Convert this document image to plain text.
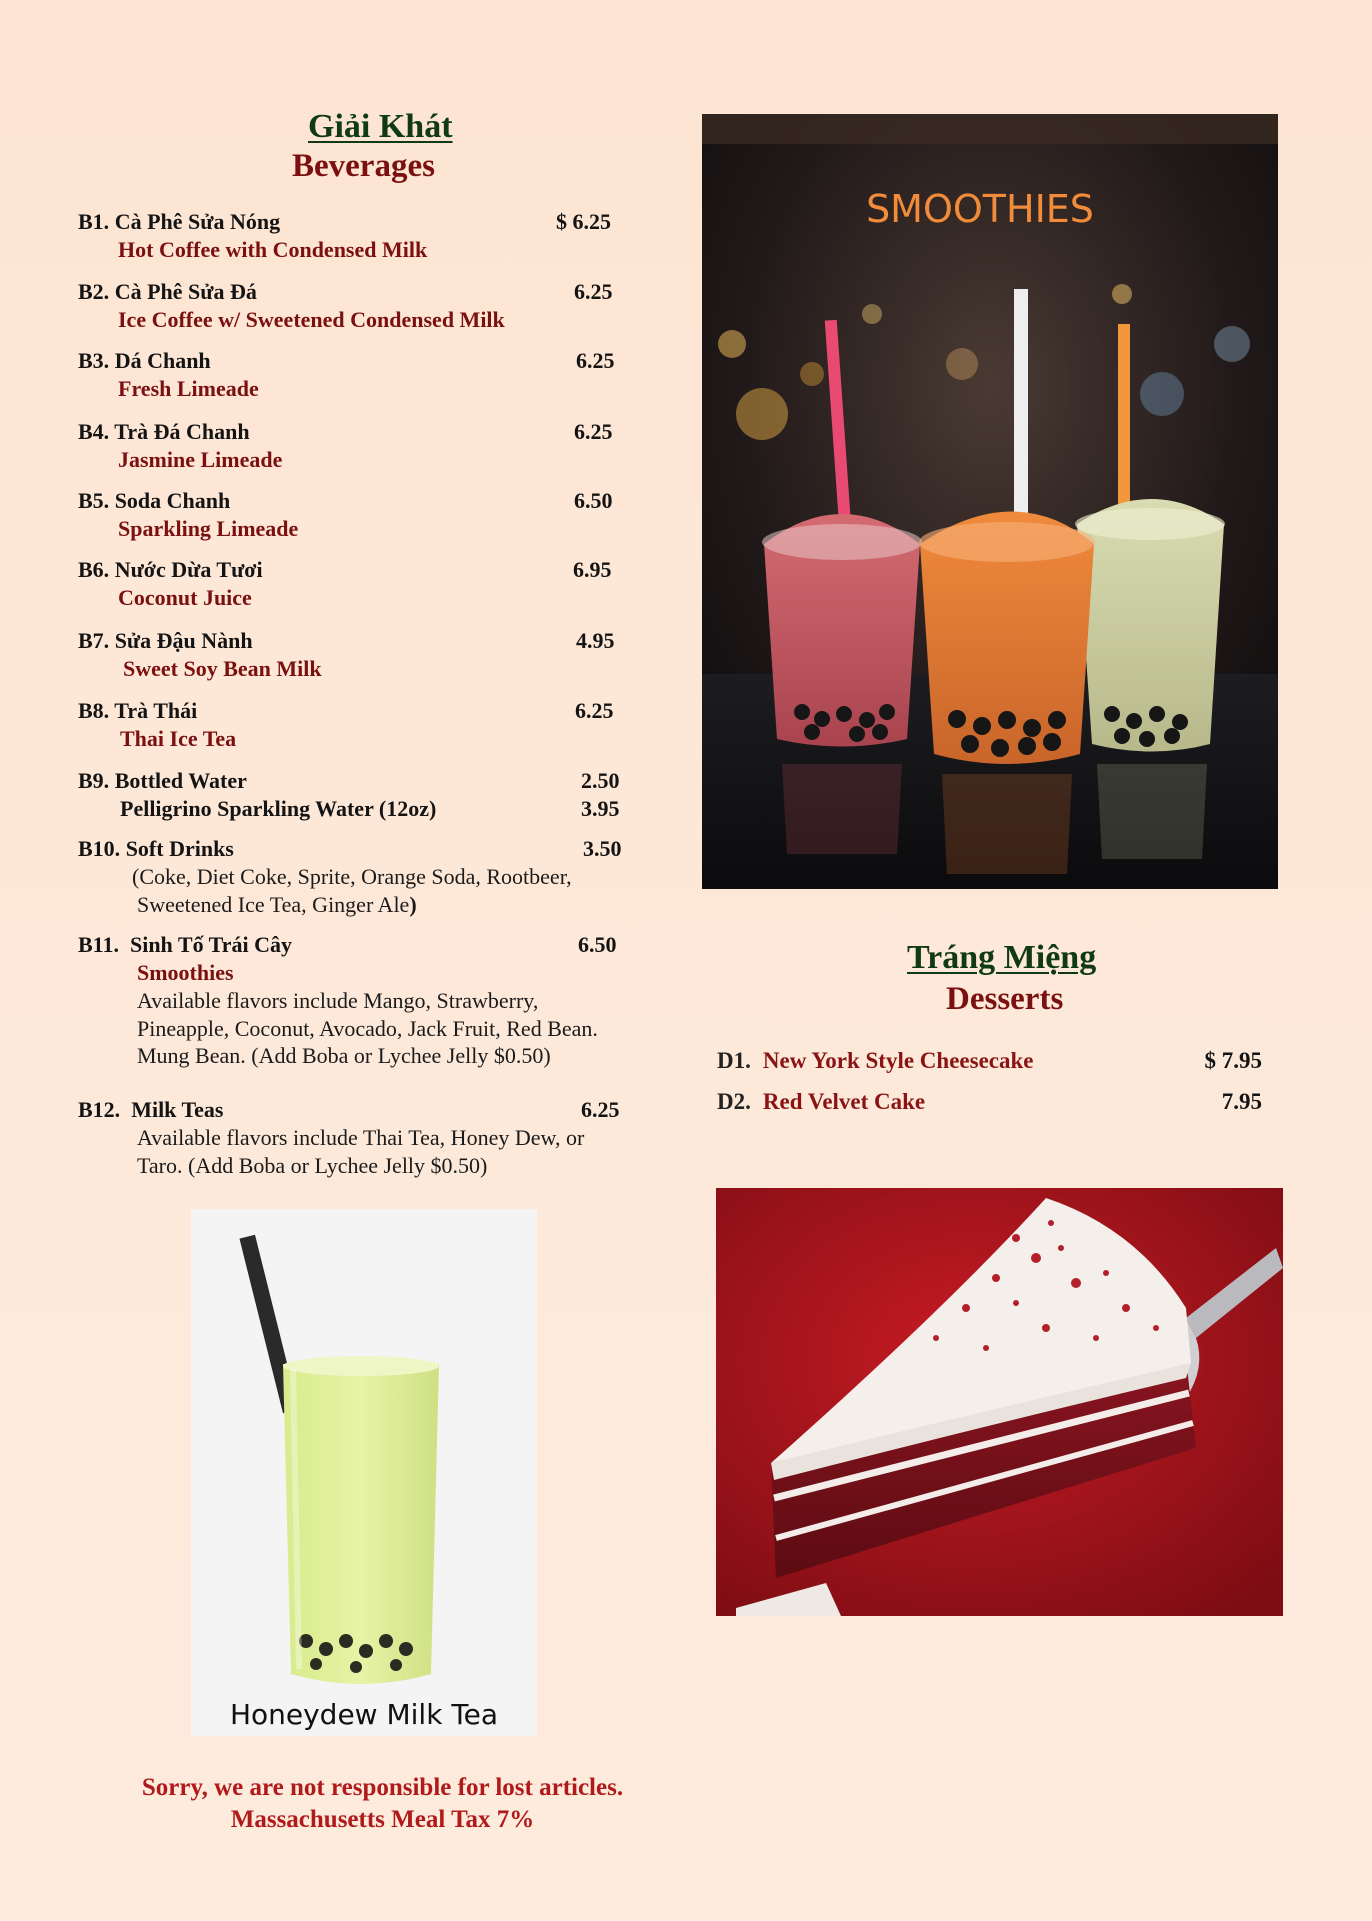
Giải Khát
Beverages
B1. Cà Phê Sửa Nóng	$ 6.25
Hot Coffee with Condensed Milk
B2. Cà Phê Sửa Đá	6.25
Ice Coffee w/ Sweetened Condensed Milk
B3. Dá Chanh	6.25
Fresh Limeade
B4. Trà Đá Chanh	6.25
Jasmine Limeade
B5. Soda Chanh	6.50
Sparkling Limeade
B6. Nước Dừa Tươi	6.95
Coconut Juice
B7. Sửa Đậu Nành	4.95
Sweet Soy Bean Milk
B8. Trà Thái	6.25
Thai Ice Tea
B9. Bottled Water	2.50
Pelligrino Sparkling Water (12oz)	3.95
B10. Soft Drinks	3.50
(Coke, Diet Coke, Sprite, Orange Soda, Rootbeer,
Sweetened Ice Tea, Ginger Ale)
B11. Sinh Tố Trái Cây	6.50
Smoothies
Available flavors include Mango, Strawberry,
Pineapple, Coconut, Avocado, Jack Fruit, Red Bean.
Mung Bean. (Add Boba or Lychee Jelly $0.50)
B12. Milk Teas	6.25
Available flavors include Thai Tea, Honey Dew, or
Taro. (Add Boba or Lychee Jelly $0.50)
SMOOTHIES
Tráng Miệng
Desserts
D1. New York Style Cheesecake	$ 7.95
D2. Red Velvet Cake	7.95
Honeydew Milk Tea
Sorry, we are not responsible for lost articles.
Massachusetts Meal Tax 7%
